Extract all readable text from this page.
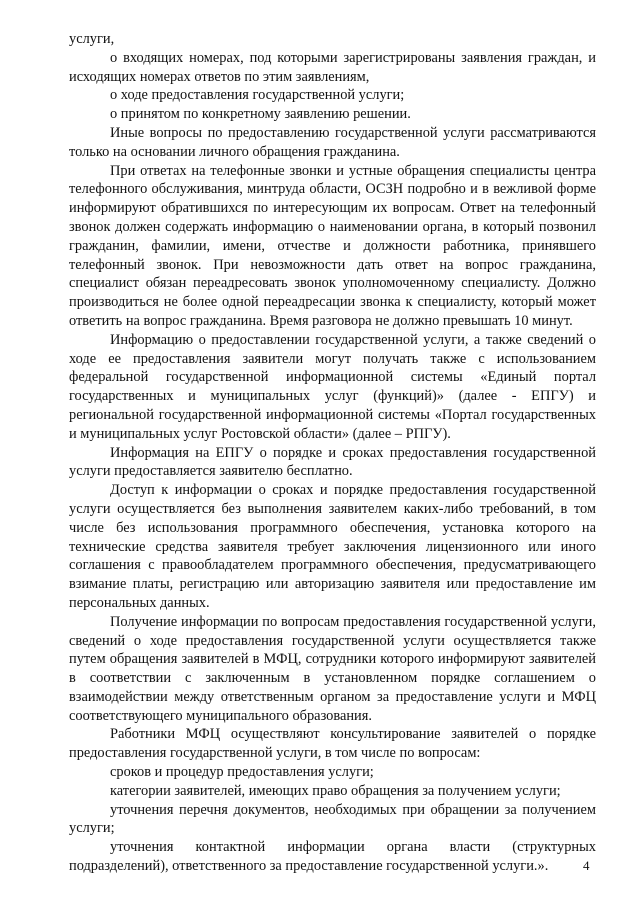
услуги,

о входящих номерах, под которыми зарегистрированы заявления граждан, и исходящих номерах ответов по этим заявлениям,

о ходе предоставления государственной услуги;

о принятом по конкретному заявлению решении.

Иные вопросы по предоставлению государственной услуги рассматриваются только на основании личного обращения гражданина.

При ответах на телефонные звонки и устные обращения специалисты центра телефонного обслуживания, минтруда области, ОСЗН подробно и в вежливой форме информируют обратившихся по интересующим их вопросам. Ответ на телефонный звонок должен содержать информацию о наименовании органа, в который позвонил гражданин, фамилии, имени, отчестве и должности работника, принявшего телефонный звонок. При невозможности дать ответ на вопрос гражданина, специалист обязан переадресовать звонок уполномоченному специалисту. Должно производиться не более одной переадресации звонка к специалисту, который может ответить на вопрос гражданина. Время разговора не должно превышать 10 минут.

Информацию о предоставлении государственной услуги, а также сведений о ходе ее предоставления заявители могут получать также с использованием федеральной государственной информационной системы «Единый портал государственных и муниципальных услуг (функций)» (далее - ЕПГУ) и региональной государственной информационной системы «Портал государственных и муниципальных услуг Ростовской области» (далее – РПГУ).

Информация на ЕПГУ о порядке и сроках предоставления государственной услуги предоставляется заявителю бесплатно.

Доступ к информации о сроках и порядке предоставления государственной услуги осуществляется без выполнения заявителем каких-либо требований, в том числе без использования программного обеспечения, установка которого на технические средства заявителя требует заключения лицензионного или иного соглашения с правообладателем программного обеспечения, предусматривающего взимание платы, регистрацию или авторизацию заявителя или предоставление им персональных данных.

Получение информации по вопросам предоставления государственной услуги, сведений о ходе предоставления государственной услуги осуществляется также путем обращения заявителей в МФЦ, сотрудники которого информируют заявителей в соответствии с заключенным в установленном порядке соглашением о взаимодействии между ответственным органом за предоставление услуги и МФЦ соответствующего муниципального образования.

Работники МФЦ осуществляют консультирование заявителей о порядке предоставления государственной услуги, в том числе по вопросам:

сроков и процедур предоставления услуги;

категории заявителей, имеющих право обращения за получением услуги;

уточнения перечня документов, необходимых при обращении за получением услуги;

уточнения контактной информации органа власти (структурных подразделений), ответственного за предоставление государственной услуги.».	4
